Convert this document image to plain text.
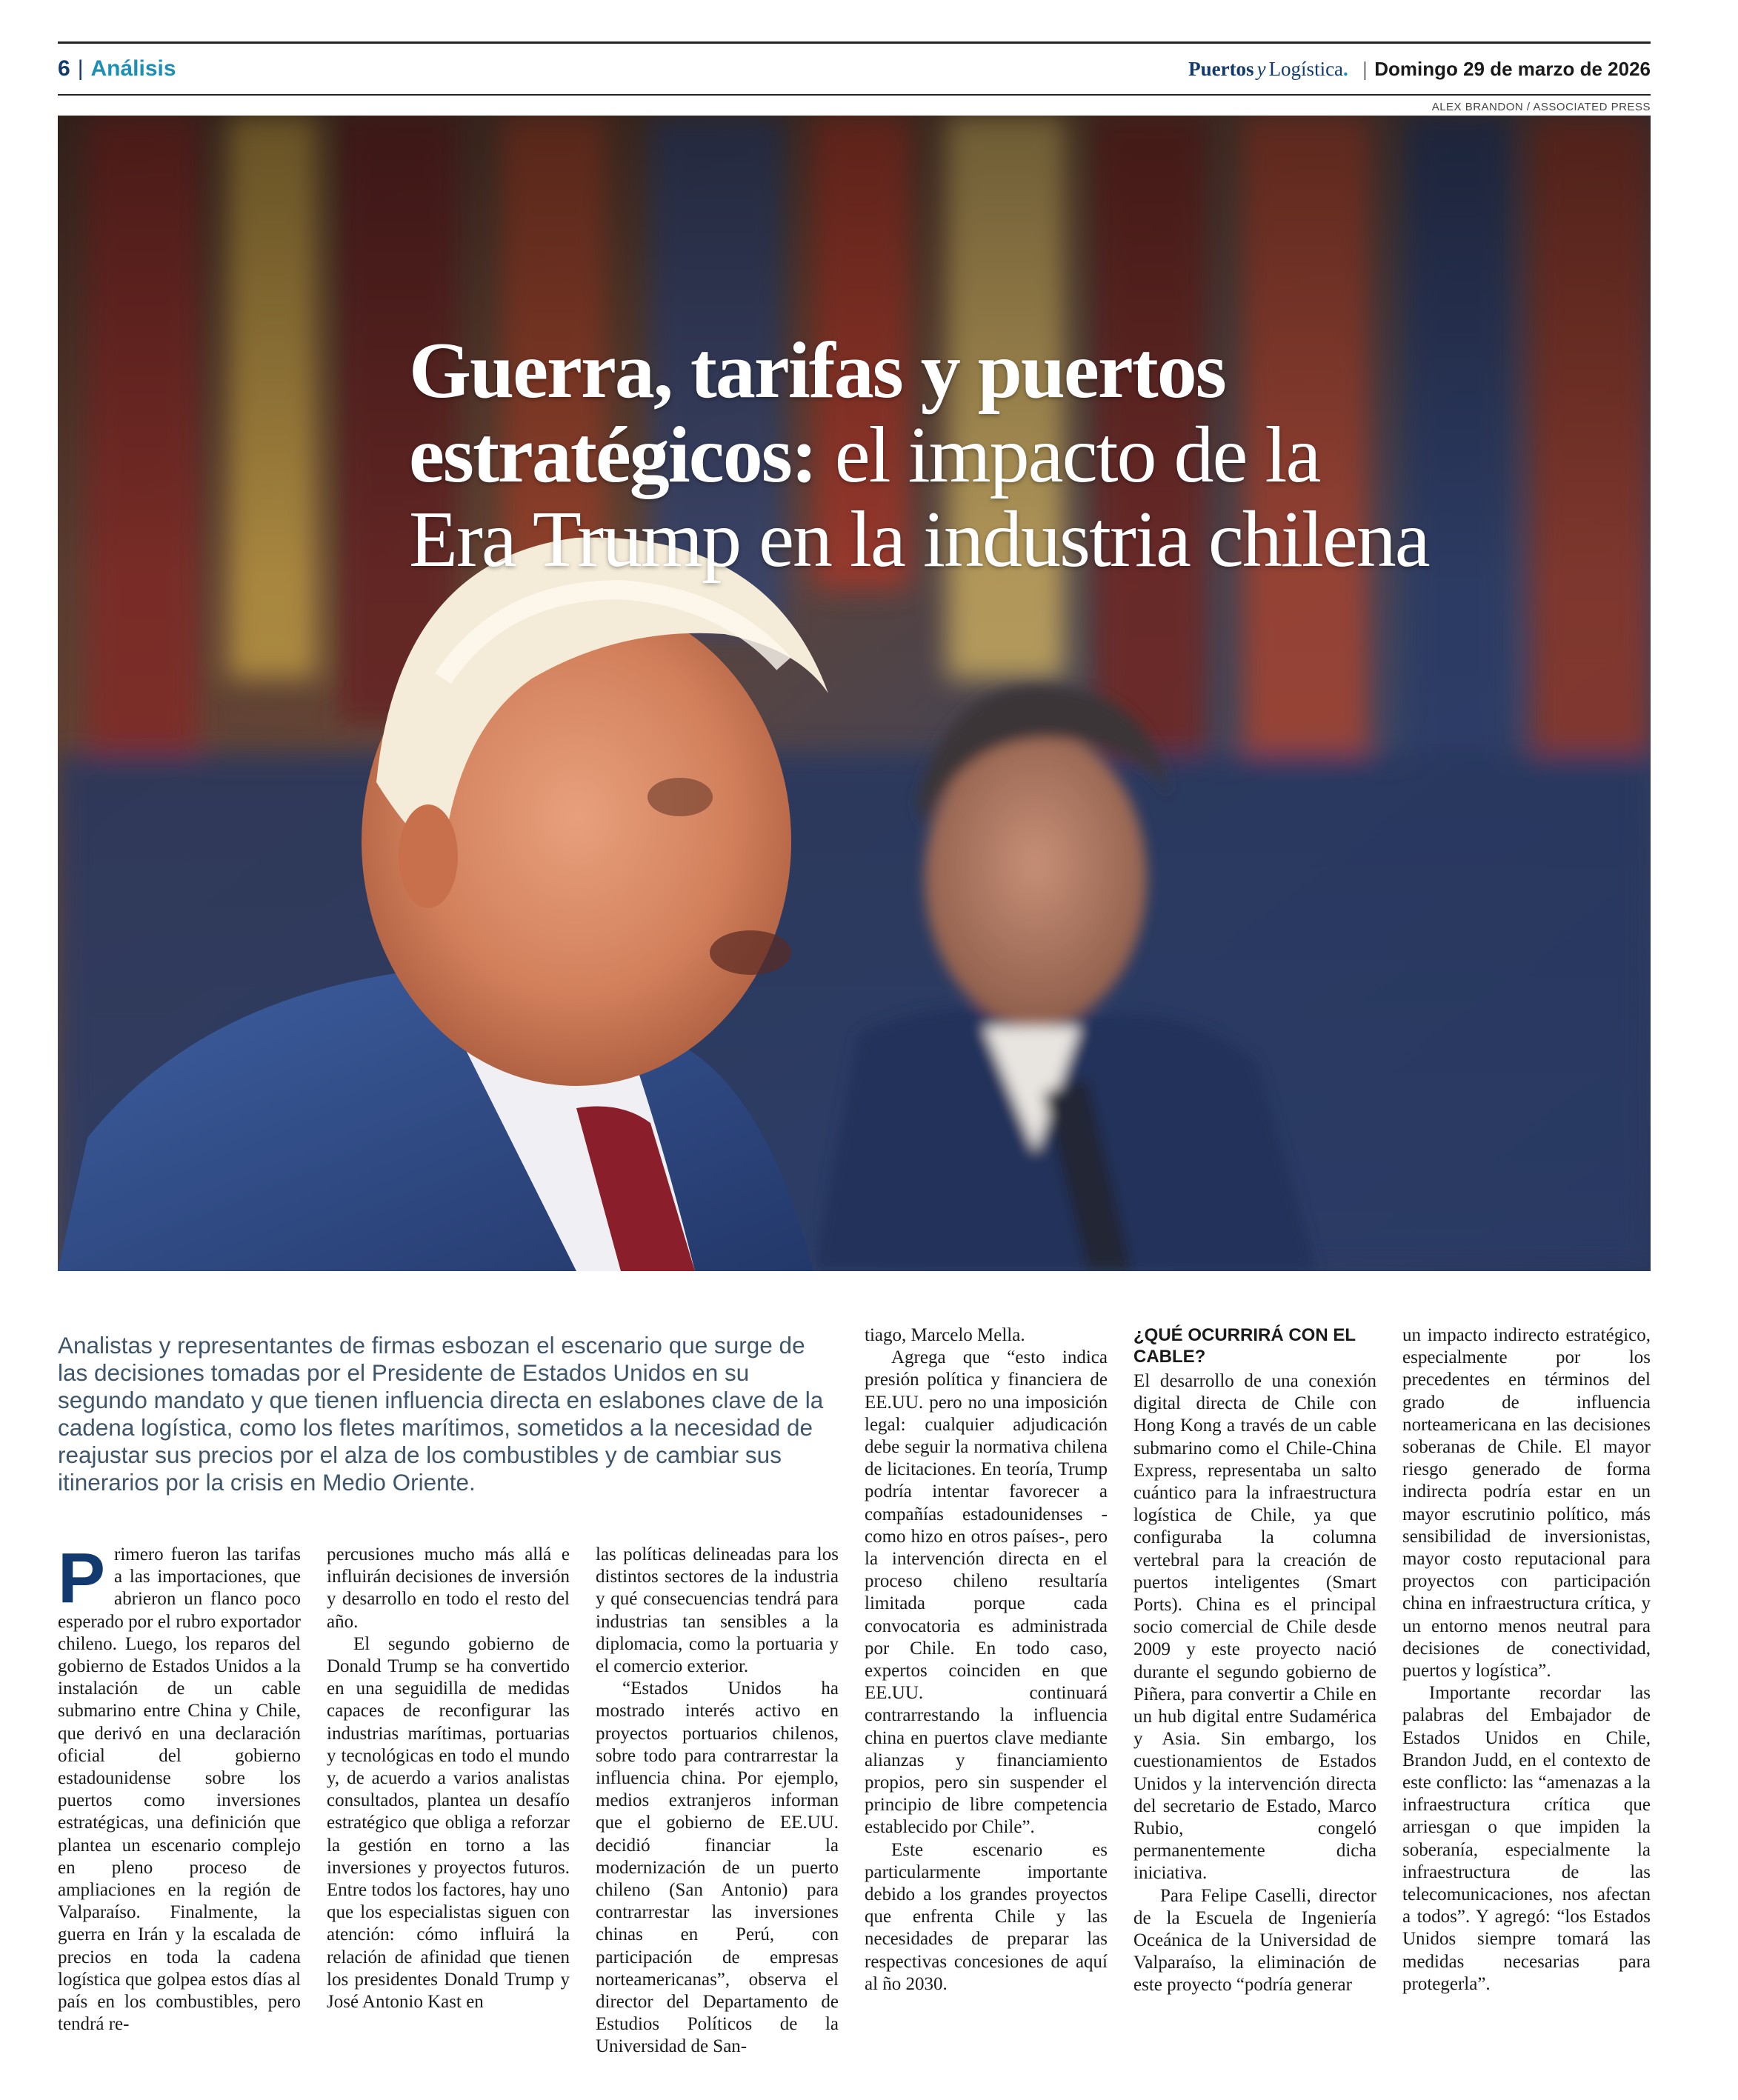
6 | Análisis	Puertos y Logística . | Domingo 29 de marzo de 2026
ALEX BRANDON / ASSOCIATED PRESS
Guerra, tarifas y puertos
estratégicos: el impacto de la
Era Trump en la industria chilena
Analistas y representantes de firmas esbozan el escenario que surge de las decisiones tomadas por el Presidente de Estados Unidos en su segundo mandato y que tienen influencia directa en eslabones clave de la cadena logística, como los fletes marítimos, sometidos a la necesidad de reajustar sus precios por el alza de los combustibles y de cambiar sus itinerarios por la crisis en Medio Oriente.
P rimero fueron las tarifas a las importaciones, que abrieron un flanco poco esperado por el rubro exportador chileno. Luego, los reparos del gobierno de Estados Unidos a la instalación de un cable submarino entre China y Chile, que derivó en una declaración oficial del gobierno estadounidense sobre los puertos como inversiones estratégicas, una definición que plantea un escenario complejo en pleno proceso de ampliaciones en la región de Valparaíso. Finalmente, la guerra en Irán y la escalada de precios en toda la cadena logística que golpea estos días al país en los combustibles, pero tendrá re-

percusiones mucho más allá e influirán decisiones de inversión y desarrollo en todo el resto del año.

El segundo gobierno de Donald Trump se ha convertido en una seguidilla de medidas capaces de reconfigurar las industrias marítimas, portuarias y tecnológicas en todo el mundo y, de acuerdo a varios analistas consultados, plantea un desafío estratégico que obliga a reforzar la gestión en torno a las inversiones y proyectos futuros. Entre todos los factores, hay uno que los especialistas siguen con atención: cómo influirá la relación de afinidad que tienen los presidentes Donald Trump y José Antonio Kast en

las políticas delineadas para los distintos sectores de la industria y qué consecuencias tendrá para industrias tan sensibles a la diplomacia, como la portuaria y el comercio exterior.

“Estados Unidos ha mostrado interés activo en proyectos portuarios chilenos, sobre todo para contrarrestar la influencia china. Por ejemplo, medios extranjeros informan que el gobierno de EE.UU. decidió financiar la modernización de un puerto chileno (San Antonio) para contrarrestar las inversiones chinas en Perú, con participación de empresas norteamericanas”, observa el director del Departamento de Estudios Políticos de la Universidad de San-

tiago, Marcelo Mella.

Agrega que “esto indica presión política y financiera de EE.UU. pero no una imposición legal: cualquier adjudicación debe seguir la normativa chilena de licitaciones. En teoría, Trump podría intentar favorecer a compañías estadounidenses -como hizo en otros países-, pero la intervención directa en el proceso chileno resultaría limitada porque cada convocatoria es administrada por Chile. En todo caso, expertos coinciden en que EE.UU. continuará contrarrestando la influencia china en puertos clave mediante alianzas y financiamiento propios, pero sin suspender el principio de libre competencia establecido por Chile”.

Este escenario es particularmente importante debido a los grandes proyectos que enfrenta Chile y las necesidades de preparar las respectivas concesiones de aquí al ño 2030.

¿QUÉ OCURRIRÁ CON EL CABLE?

El desarrollo de una conexión digital directa de Chile con Hong Kong a través de un cable submarino como el Chile-China Express, representaba un salto cuántico para la infraestructura logística de Chile, ya que configuraba la columna vertebral para la creación de puertos inteligentes (Smart Ports). China es el principal socio comercial de Chile desde 2009 y este proyecto nació durante el segundo gobierno de Piñera, para convertir a Chile en un hub digital entre Sudamérica y Asia. Sin embargo, los cuestionamientos de Estados Unidos y la intervención directa del secretario de Estado, Marco Rubio, congeló permanentemente dicha iniciativa.

Para Felipe Caselli, director de la Escuela de Ingeniería Oceánica de la Universidad de Valparaíso, la eliminación de este proyecto “podría generar

un impacto indirecto estratégico, especialmente por los precedentes en términos del grado de influencia norteamericana en las decisiones soberanas de Chile. El mayor riesgo generado de forma indirecta podría estar en un mayor escrutinio político, más sensibilidad de inversionistas, mayor costo reputacional para proyectos con participación china en infraestructura crítica, y un entorno menos neutral para decisiones de conectividad, puertos y logística”.

Importante recordar las palabras del Embajador de Estados Unidos en Chile, Brandon Judd, en el contexto de este conflicto: las “amenazas a la infraestructura crítica que arriesgan o que impiden la soberanía, especialmente la infraestructura de las telecomunicaciones, nos afectan a todos”. Y agregó: “los Estados Unidos siempre tomará las medidas necesarias para protegerla”.
